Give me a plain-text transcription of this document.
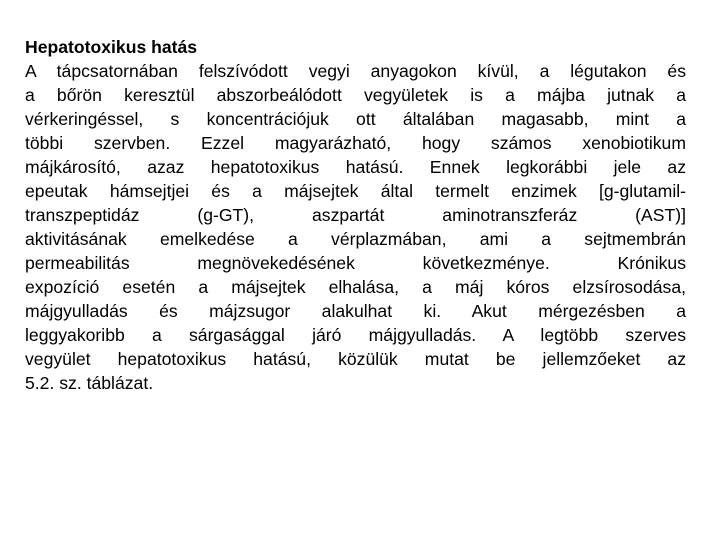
Hepatotoxikus hatás
A tápcsatornában felszívódott vegyi anyagokon kívül, a légutakon és
a bőrön keresztül abszorbeálódott vegyületek is a májba jutnak a
vérkeringéssel, s koncentrációjuk ott általában magasabb, mint a
többi szervben. Ezzel magyarázható, hogy számos xenobiotikum
májkárosító, azaz hepatotoxikus hatású. Ennek legkorábbi jele az
epeutak hámsejtjei és a májsejtek által termelt enzimek [g-glutamil-
transzpeptidáz (g-GT), aszpartát aminotranszferáz (AST)]
aktivitásának emelkedése a vérplazmában, ami a sejtmembrán
permeabilitás megnövekedésének következménye. Krónikus
expozíció esetén a májsejtek elhalása, a máj kóros elzsírosodása,
májgyulladás és májzsugor alakulhat ki. Akut mérgezésben a
leggyakoribb a sárgasággal járó májgyulladás. A legtöbb szerves
vegyület hepatotoxikus hatású, közülük mutat be jellemzőeket az
5.2. sz. táblázat.
